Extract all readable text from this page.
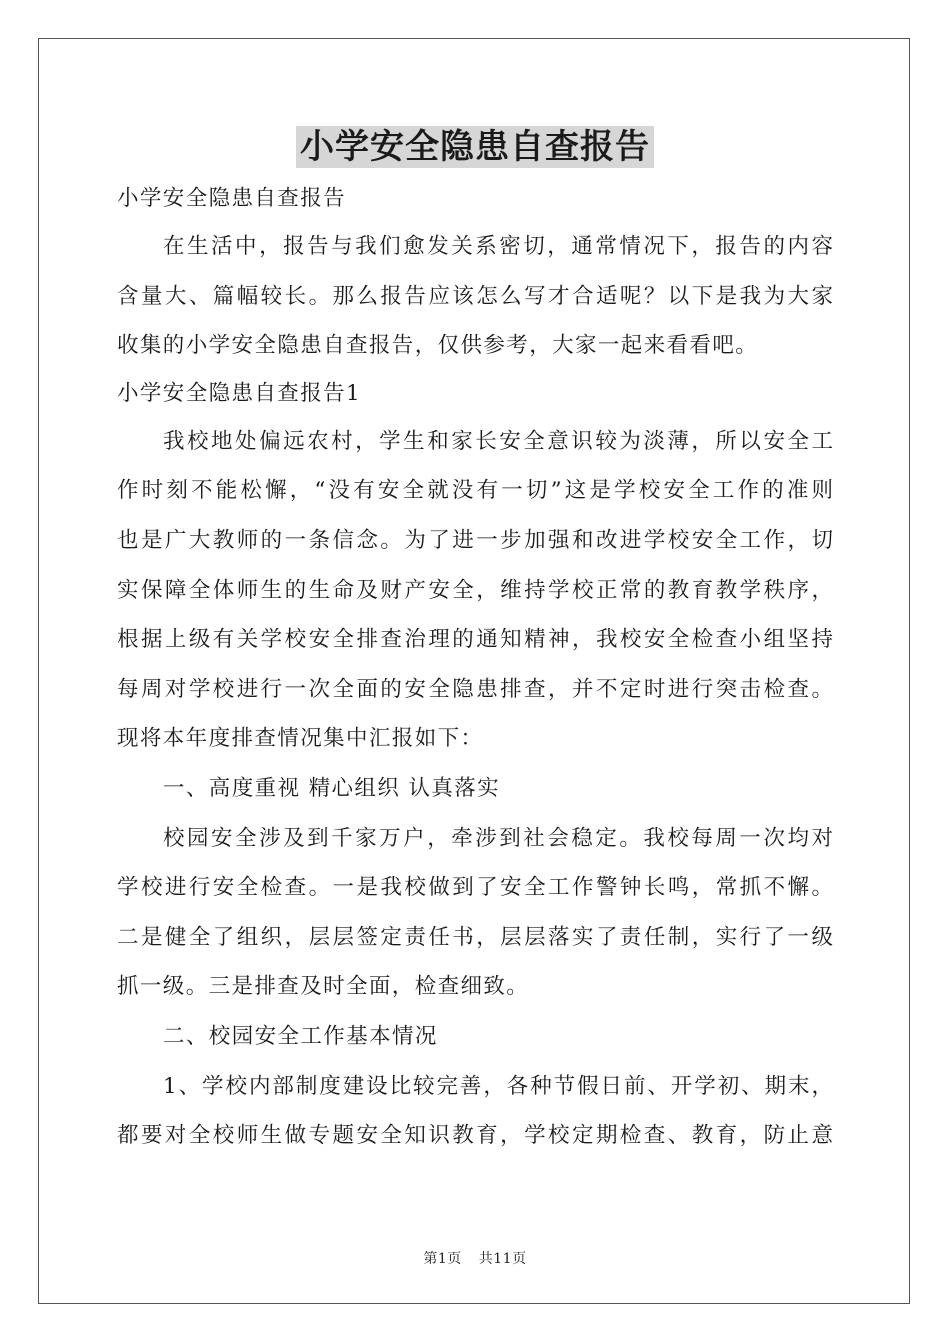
小学安全隐患自查报告
小学安全隐患自查报告
在生活中，报告与我们愈发关系密切，通常情况下，报告的内容
含量大、篇幅较长。那么报告应该怎么写才合适呢？以下是我为大家
收集的小学安全隐患自查报告，仅供参考，大家一起来看看吧。
小学安全隐患自查报告1
我校地处偏远农村，学生和家长安全意识较为淡薄，所以安全工
作时刻不能松懈，“没有安全就没有一切”这是学校安全工作的准则
也是广大教师的一条信念。为了进一步加强和改进学校安全工作，切
实保障全体师生的生命及财产安全，维持学校正常的教育教学秩序，
根据上级有关学校安全排查治理的通知精神，我校安全检查小组坚持
每周对学校进行一次全面的安全隐患排查，并不定时进行突击检查。
现将本年度排查情况集中汇报如下：
一、高度重视 精心组织 认真落实
校园安全涉及到千家万户，牵涉到社会稳定。我校每周一次均对
学校进行安全检查。一是我校做到了安全工作警钟长鸣，常抓不懈。
二是健全了组织，层层签定责任书，层层落实了责任制，实行了一级
抓一级。三是排查及时全面，检查细致。
二、校园安全工作基本情况
1、学校内部制度建设比较完善，各种节假日前、开学初、期末，
都要对全校师生做专题安全知识教育，学校定期检查、教育，防止意
第1页 共11页
